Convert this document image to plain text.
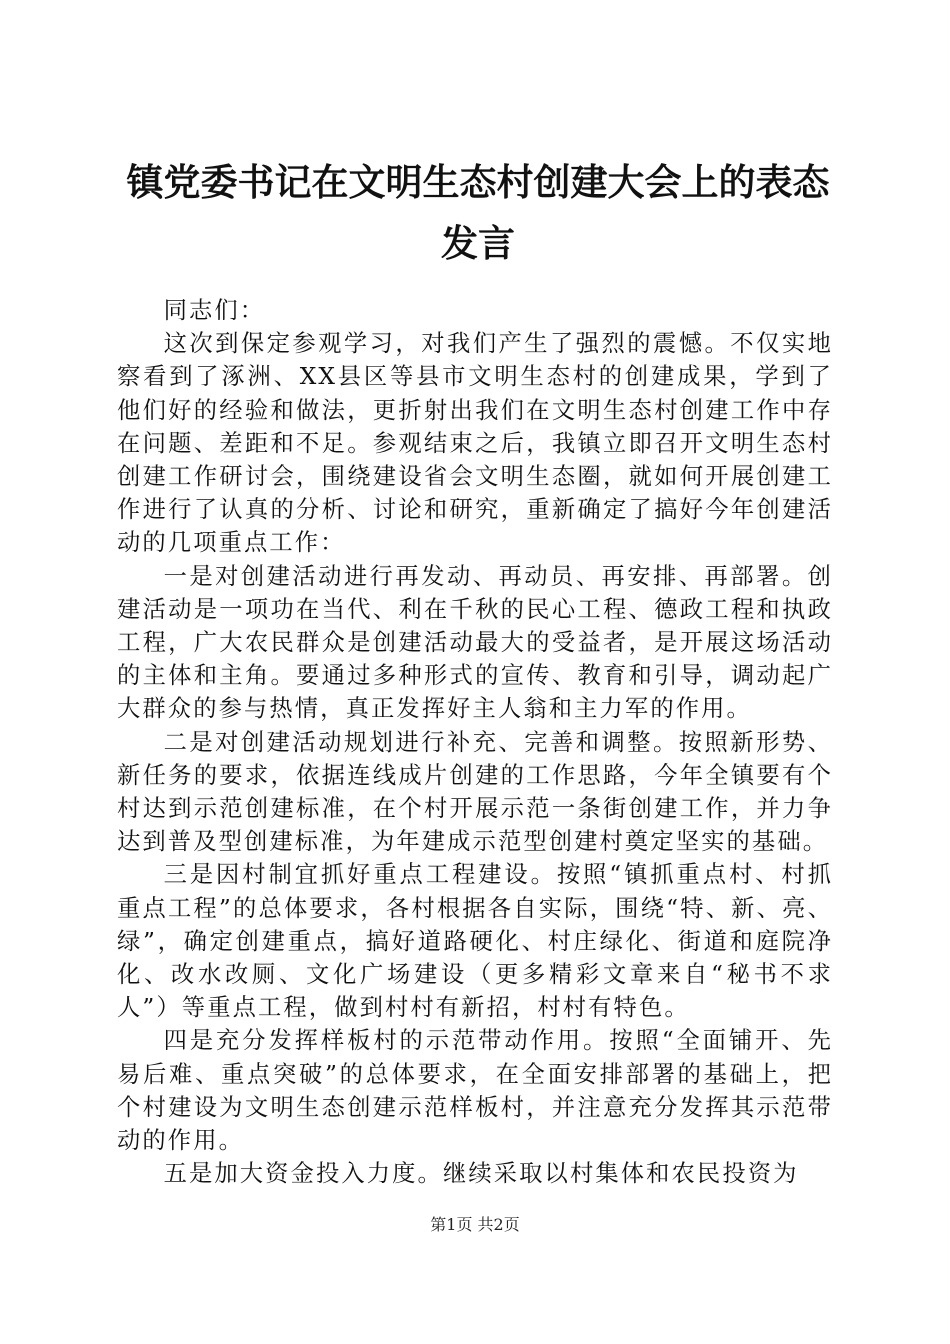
镇党委书记在文明生态村创建大会上的表态发言

同志们：

这次到保定参观学习，对我们产生了强烈的震憾。不仅实地察看到了涿洲、XX县区等县市文明生态村的创建成果，学到了他们好的经验和做法，更折射出我们在文明生态村创建工作中存在问题、差距和不足。参观结束之后，我镇立即召开文明生态村创建工作研讨会，围绕建设省会文明生态圈，就如何开展创建工作进行了认真的分析、讨论和研究，重新确定了搞好今年创建活动的几项重点工作：

一是对创建活动进行再发动、再动员、再安排、再部署。创建活动是一项功在当代、利在千秋的民心工程、德政工程和执政工程，广大农民群众是创建活动最大的受益者，是开展这场活动的主体和主角。要通过多种形式的宣传、教育和引导，调动起广大群众的参与热情，真正发挥好主人翁和主力军的作用。

二是对创建活动规划进行补充、完善和调整。按照新形势、新任务的要求，依据连线成片创建的工作思路，今年全镇要有个村达到示范创建标准，在个村开展示范一条街创建工作，并力争达到普及型创建标准，为年建成示范型创建村奠定坚实的基础。

三是因村制宜抓好重点工程建设。按照“镇抓重点村、村抓重点工程”的总体要求，各村根据各自实际，围绕“特、新、亮、绿”，确定创建重点，搞好道路硬化、村庄绿化、街道和庭院净化、改水改厕、文化广场建设（更多精彩文章来自“秘书不求人”）等重点工程，做到村村有新招，村村有特色。

四是充分发挥样板村的示范带动作用。按照“全面铺开、先易后难、重点突破”的总体要求，在全面安排部署的基础上，把个村建设为文明生态创建示范样板村，并注意充分发挥其示范带动的作用。

五是加大资金投入力度。继续采取以村集体和农民投资为

第1页 共2页
